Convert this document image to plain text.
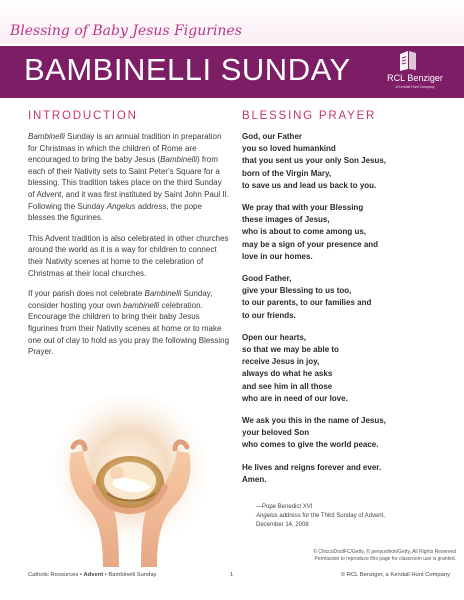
Blessing of Baby Jesus Figurines
BAMBINELLI SUNDAY	RCL Benziger
A Kendall Hunt Company
INTRODUCTION

Bambinelli Sunday is an annual tradition in preparation for Christmas in which the children of Rome are encouraged to bring the baby Jesus (Bambinelli) from each of their Nativity sets to Saint Peter's Square for a blessing. This tradition takes place on the third Sunday of Advent, and it was first instituted by Saint John Paul II. Following the Sunday Angelus address, the pope blesses the figurines.

This Advent tradition is also celebrated in other churches around the world as it is a way for children to connect their Nativity scenes at home to the celebration of Christmas at their local churches.

If your parish does not celebrate Bambinelli Sunday, consider hosting your own bambinelli celebration. Encourage the children to bring their baby Jesus figurines from their Nativity scenes at home or to make one out of clay to hold as you pray the following Blessing Prayer.

BLESSING PRAYER
God, our Father
you so loved humankind
that you sent us your only Son Jesus,
born of the Virgin Mary,
to save us and lead us back to you.
We pray that with your Blessing
these images of Jesus,
who is about to come among us,
may be a sign of your presence and
love in our homes.
Good Father,
give your Blessing to us too,
to our parents, to our families and
to our friends.
Open our hearts,
so that we may be able to
receive Jesus in joy,
always do what he asks
and see him in all those
who are in need of our love.
We ask you this in the name of Jesus,
your beloved Son
who comes to give the world peace.
He lives and reigns forever and ever.
Amen.
—Pope Benedict XVI
Angelus address for the Third Sunday of Advent,
December 14, 2008
© ChiccoDodiFC/Getty, © penyushkin/Getty, All Rights Reserved
Permission to reproduce this page for classroom use is granted.
Catholic Resources • Advent • Bambinelli Sunday	1	© RCL Benziger, a Kendall Hunt Company
